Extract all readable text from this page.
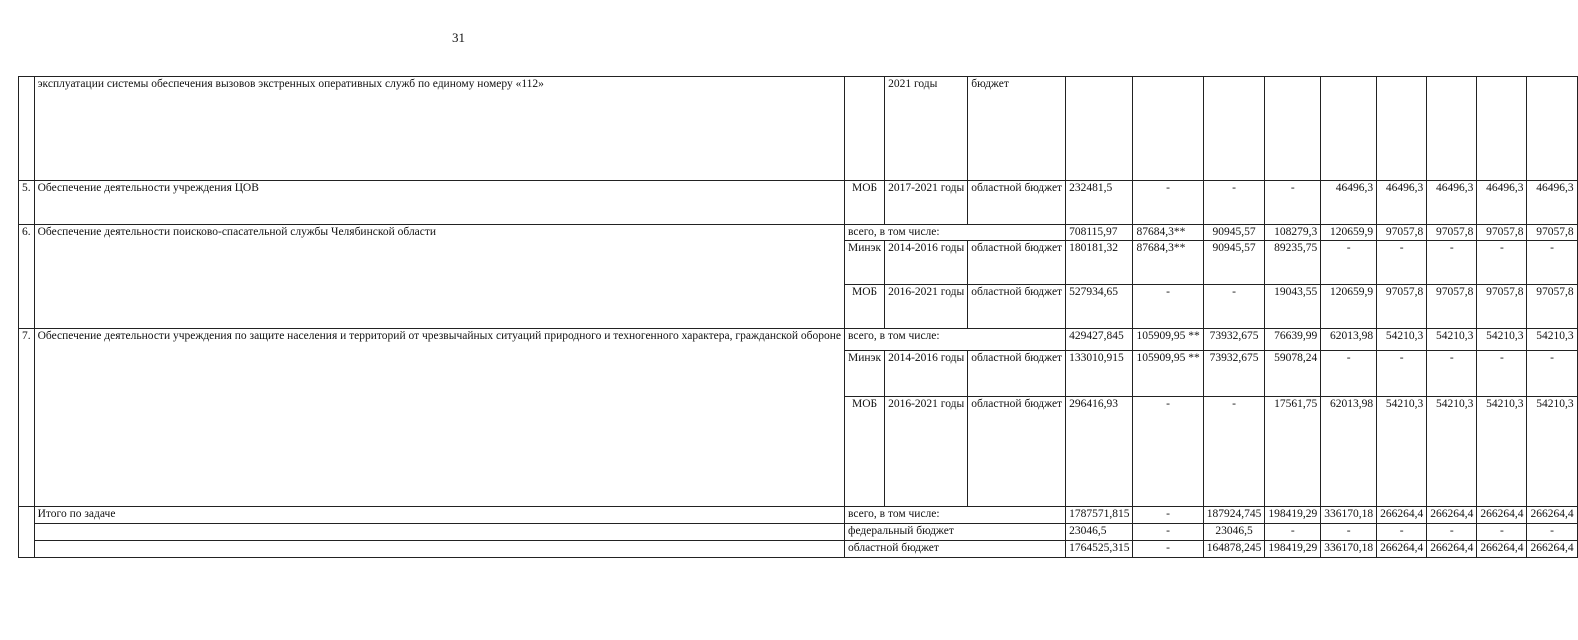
31
	эксплуатации системы обеспечения вызовов экстренных оперативных служб по единому номеру «112»		2021 годы	бюджет									
5.	Обеспечение деятельности учреждения ЦОВ	МОБ	2017-2021 годы	областной бюджет	232481,5	-	-	-	46496,3	46496,3	46496,3	46496,3	46496,3
6.	Обеспечение деятельности поисково-спасательной службы Челябинской области	всего, в том числе:			708115,97	87684,3**	90945,57	108279,3	120659,9	97057,8	97057,8	97057,8	97057,8
		Минэк	2014-2016 годы	областной бюджет	180181,32	87684,3**	90945,57	89235,75	-	-	-	-	-
		МОБ	2016-2021 годы	областной бюджет	527934,65	-	-	19043,55	120659,9	97057,8	97057,8	97057,8	97057,8
7.	Обеспечение деятельности учреждения по защите населения и территорий от чрезвычайных ситуаций природного и техногенного характера, гражданской обороне	всего, в том числе:			429427,845	105909,95 **	73932,675	76639,99	62013,98	54210,3	54210,3	54210,3	54210,3
		Минэк	2014-2016 годы	областной бюджет	133010,915	105909,95 **	73932,675	59078,24	-	-	-	-	-
		МОБ	2016-2021 годы	областной бюджет	296416,93	-	-	17561,75	62013,98	54210,3	54210,3	54210,3	54210,3
	Итого по задаче	всего, в том числе:			1787571,815	-	187924,745	198419,29	336170,18	266264,4	266264,4	266264,4	266264,4
		федеральный бюджет			23046,5	-	23046,5	-	-	-	-	-	-
		областной бюджет			1764525,315	-	164878,245	198419,29	336170,18	266264,4	266264,4	266264,4	266264,4
